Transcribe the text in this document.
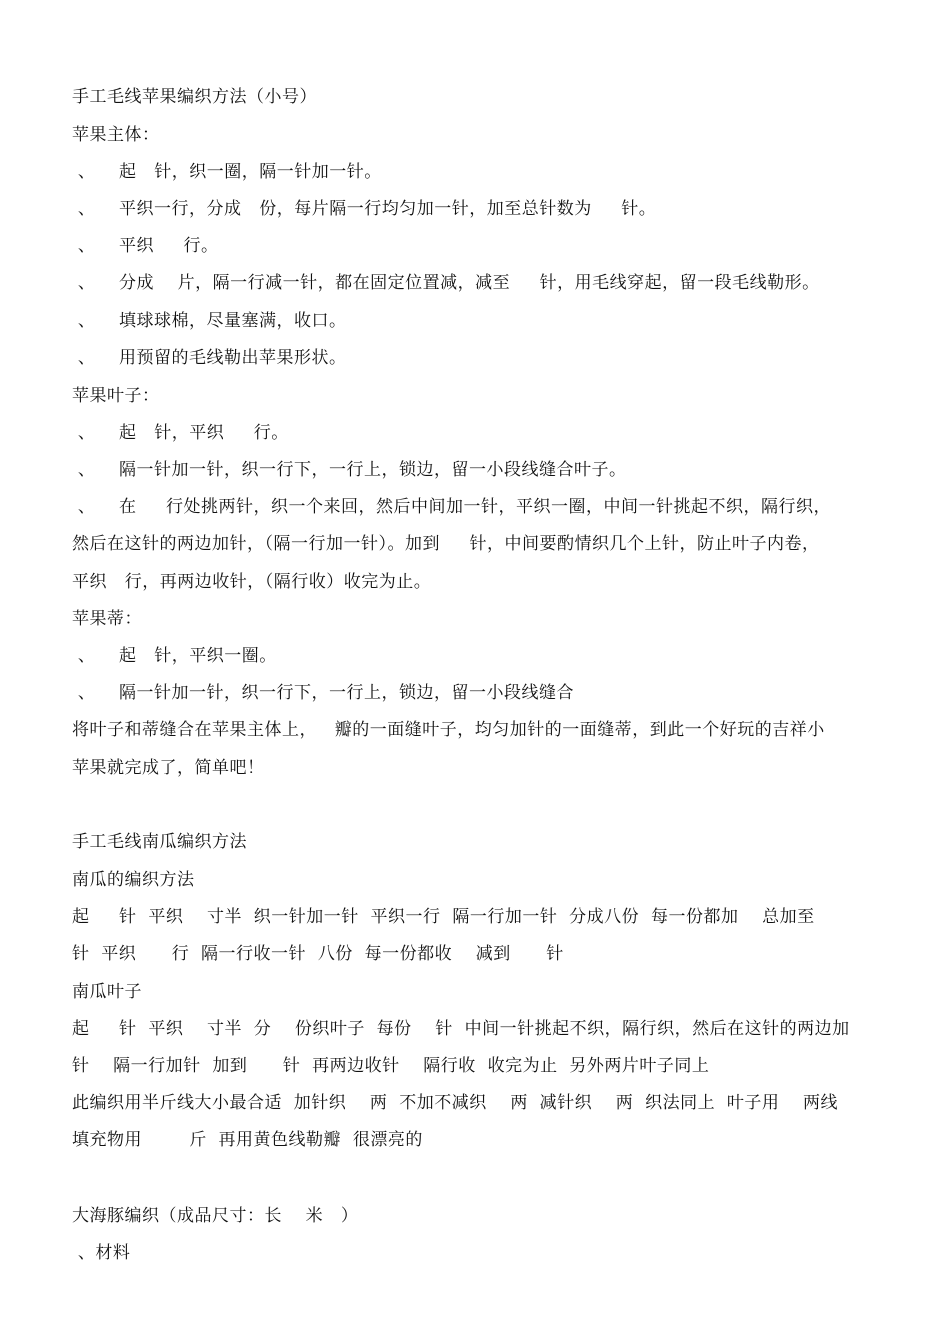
手工毛线苹果编织方法（小号）
苹果主体：
、    起   针，织一圈，隔一针加一针。
、    平织一行，分成   份，每片隔一行均匀加一针，加至总针数为     针。
、    平织     行。
、    分成    片，隔一行减一针，都在固定位置减，减至     针，用毛线穿起，留一段毛线勒形。
、    填球球棉，尽量塞满，收口。
、    用预留的毛线勒出苹果形状。
苹果叶子：
、    起   针，平织     行。
、    隔一针加一针，织一行下，一行上，锁边，留一小段线缝合叶子。
、    在     行处挑两针，织一个来回，然后中间加一针，平织一圈，中间一针挑起不织，隔行织，
然后在这针的两边加针，（隔一行加一针）。加到     针，中间要酌情织几个上针，防止叶子内卷，
平织   行，再两边收针，（隔行收）收完为止。
苹果蒂：
、    起   针，平织一圈。
、    隔一针加一针，织一行下，一行上，锁边，留一小段线缝合
将叶子和蒂缝合在苹果主体上，   瓣的一面缝叶子，均匀加针的一面缝蒂，到此一个好玩的吉祥小
苹果就完成了，简单吧！
手工毛线南瓜编织方法
南瓜的编织方法
起     针  平织    寸半  织一针加一针  平织一行  隔一行加一针  分成八份  每一份都加    总加至
针  平织      行  隔一行收一针  八份  每一份都收    减到      针
南瓜叶子
起     针  平织    寸半  分    份织叶子  每份    针  中间一针挑起不织，隔行织，然后在这针的两边加
针    隔一行加针  加到      针  再两边收针    隔行收  收完为止  另外两片叶子同上
此编织用半斤线大小最合适  加针织    两  不加不减织    两  减针织    两  织法同上  叶子用    两线
填充物用        斤  再用黄色线勒瓣  很漂亮的
大海豚编织（成品尺寸：长    米   ）
、材料
